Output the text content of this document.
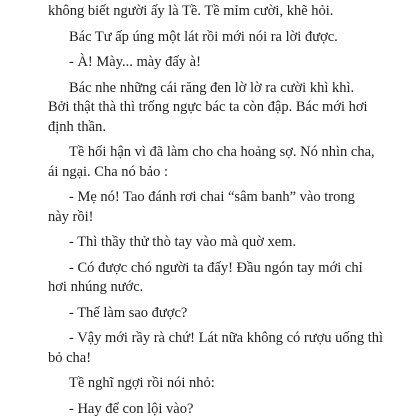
không biết người ấy là Tề. Tề mỉm cười, khẽ hỏi.

Bác Tư ấp úng một lát rồi mới nói ra lời được.

- À! Mày... mày đấy à!

Bác nhe những cái răng đen lờ lờ ra cười khì khì.

Bởi thật thà thì trống ngực bác ta còn đập. Bác mới hơi

định thần.

Tề hối hận vì đã làm cho cha hoảng sợ. Nó nhìn cha,

ái ngại. Cha nó bảo :

- Mẹ nó! Tao đánh rơi chai “sâm banh” vào trong

này rồi!

- Thì thầy thử thò tay vào mà quờ xem.

- Có được chó người ta đấy! Đầu ngón tay mới chỉ

hơi nhúng nước.

- Thế làm sao được?

- Vậy mới rầy rà chứ! Lát nữa không có rượu uống thì

bỏ cha!

Tề nghĩ ngợi rồi nói nhỏ:

- Hay để con lội vào?
